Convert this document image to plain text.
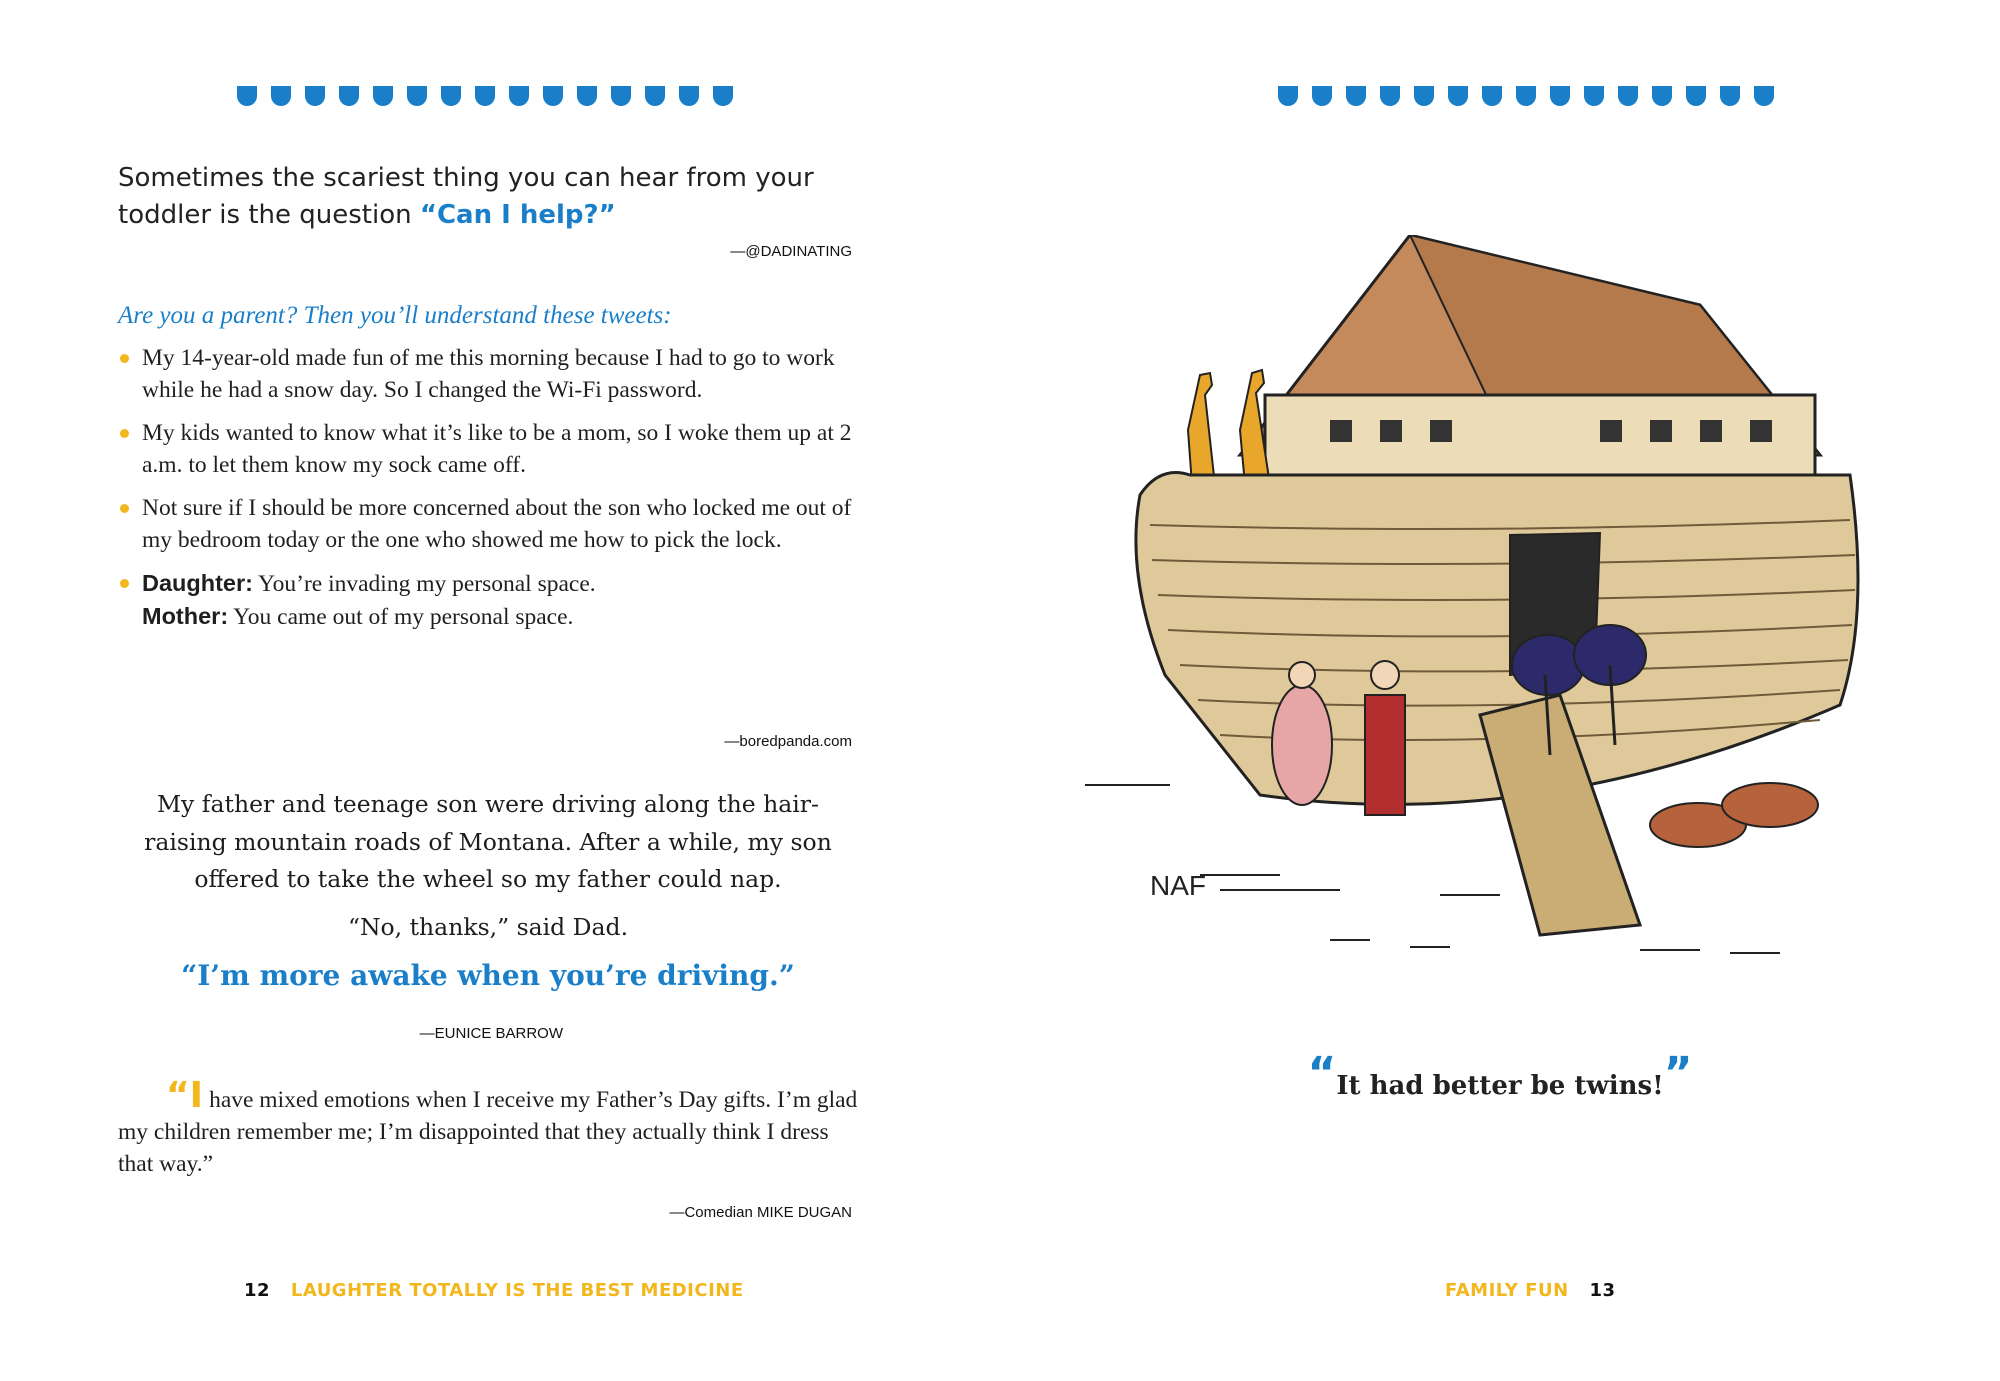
Sometimes the scariest thing you can hear from your toddler is the question “Can I help?”
—@DADINATING
Are you a parent? Then you’ll understand these tweets:
My 14-year-old made fun of me this morning because I had to go to work while he had a snow day. So I changed the Wi-Fi password.
My kids wanted to know what it’s like to be a mom, so I woke them up at 2 a.m. to let them know my sock came off.
Not sure if I should be more concerned about the son who locked me out of my bedroom today or the one who showed me how to pick the lock.
Daughter: You’re invading my personal space.
Mother: You came out of my personal space.
—boredpanda.com

My father and teenage son were driving along the hair-raising mountain roads of Montana. After a while, my son offered to take the wheel so my father could nap.

“No, thanks,” said Dad.

“I’m more awake when you’re driving.”

—EUNICE BARROW
“Ihave mixed emotions when I receive my Father’s Day gifts. I’m glad my children remember me; I’m disappointed that they actually think I dress that way.”
—Comedian MIKE DUGAN
12 LAUGHTER TOTALLY IS THE BEST MEDICINE
NAF
“It had better be twins!”
FAMILY FUN 13
